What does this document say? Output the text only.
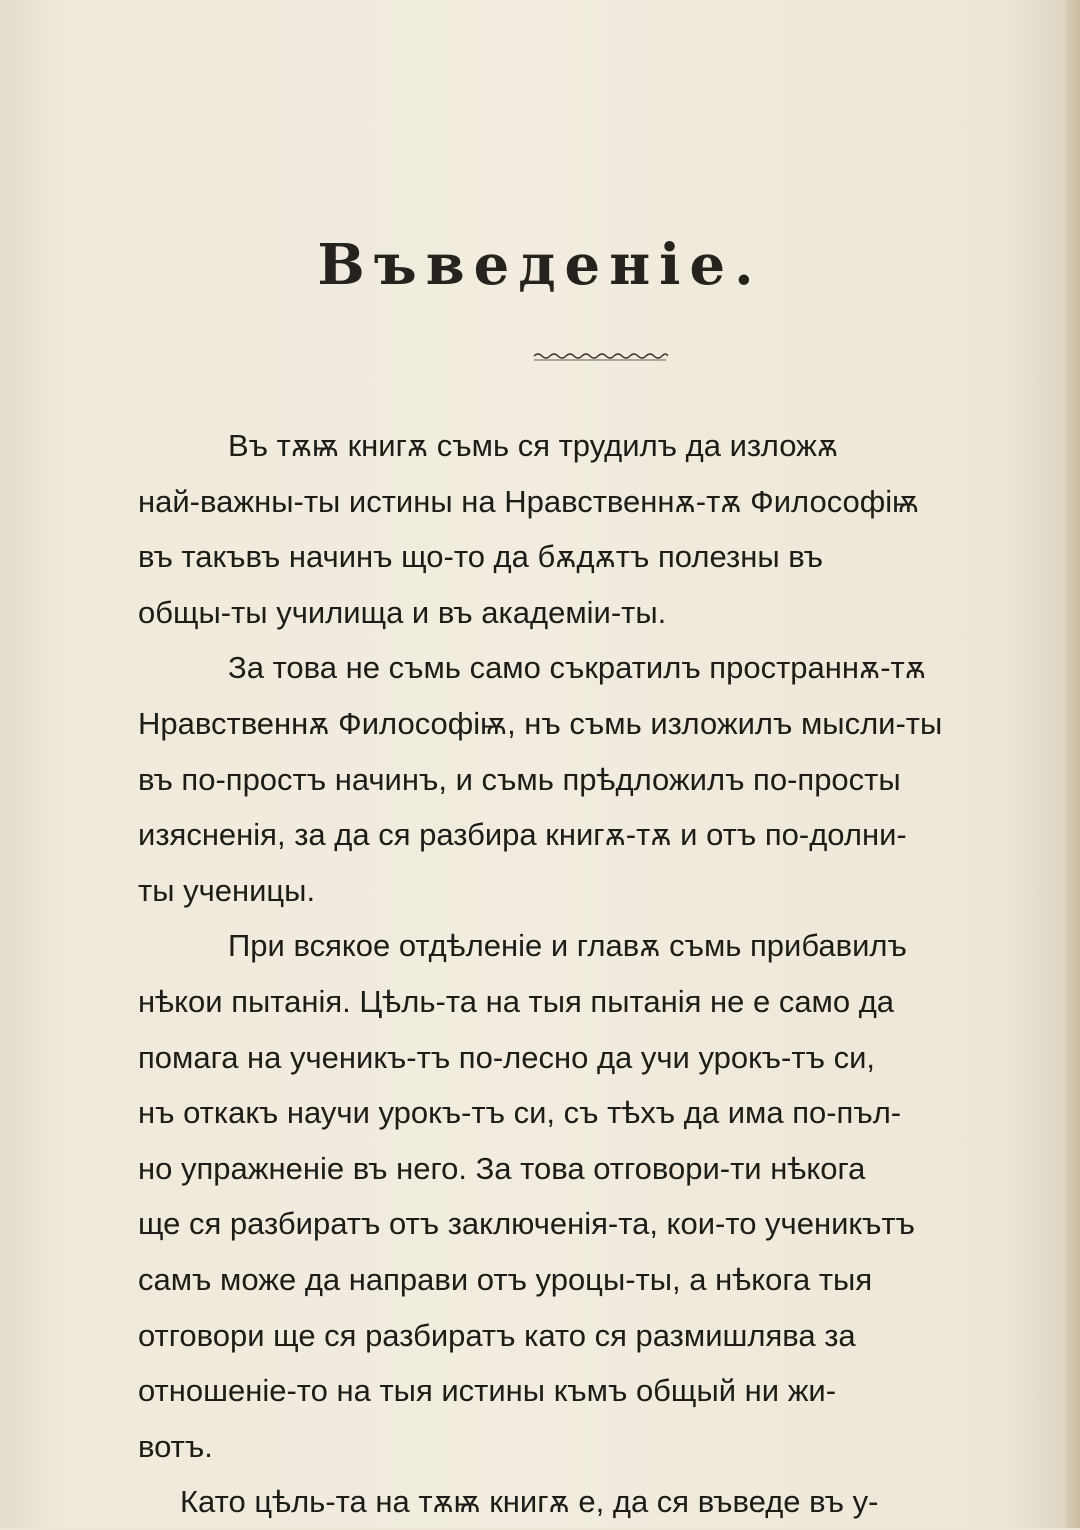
Въведеніе.
Въ тѫѭ книгѫ съмь ся трудилъ да изложѫ
най-важны-ты истины на Нравственнѫ-тѫ Философіѭ
въ такъвъ начинъ що-то да бѫдѫтъ полезны въ
общы-ты училища и въ академіи-ты.
За това не съмь само съкратилъ пространнѫ-тѫ
Нравственнѫ Философіѭ, нъ съмь изложилъ мысли-ты
въ по-простъ начинъ, и съмь прѣдложилъ по-просты
изясненія, за да ся разбира книгѫ-тѫ и отъ по-долни-
ты ученицы.
При всякое отдѣленіе и главѫ съмь прибавилъ
нѣкои пытанія. Цѣль-та на тыя пытанія не е само да
помага на ученикъ-тъ по-лесно да учи урокъ-тъ си,
нъ откакъ научи урокъ-тъ си, съ тѣхъ да има по-пъл-
но упражненіе въ него. За това отговори-ти нѣкога
ще ся разбиратъ отъ заключенія-та, кои-то ученикътъ
самъ може да направи отъ уроцы-ты, а нѣкога тыя
отговори ще ся разбиратъ като ся размишлява за
отношеніе-то на тыя истины къмъ общый ни жи-
вотъ.
Като цѣль-та на тѫѭ книгѫ е, да ся въведе въ у-
